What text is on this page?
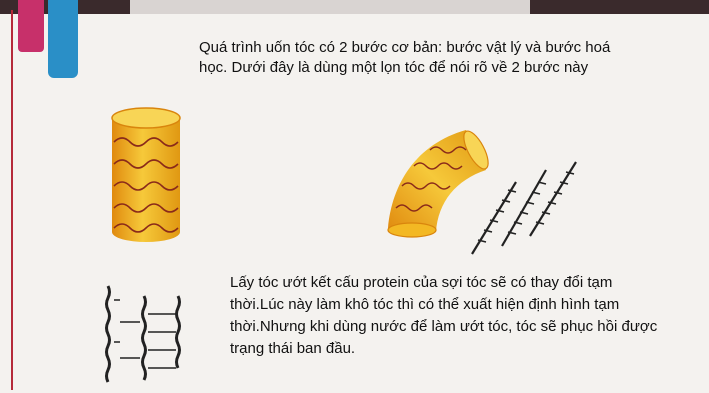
Quá trình uốn tóc có 2 bước cơ bản: bước vật lý và bước hoá học. Dưới đây là dùng một lọn tóc để nói rõ về 2 bước này

Lấy tóc ướt kết cấu protein của sợi tóc sẽ có thay đổi tạm thời.Lúc này làm khô tóc thì có thể xuất hiện định hình tạm thời.Nhưng khi dùng nước để làm ướt tóc, tóc sẽ phục hồi được trạng thái ban đầu.
